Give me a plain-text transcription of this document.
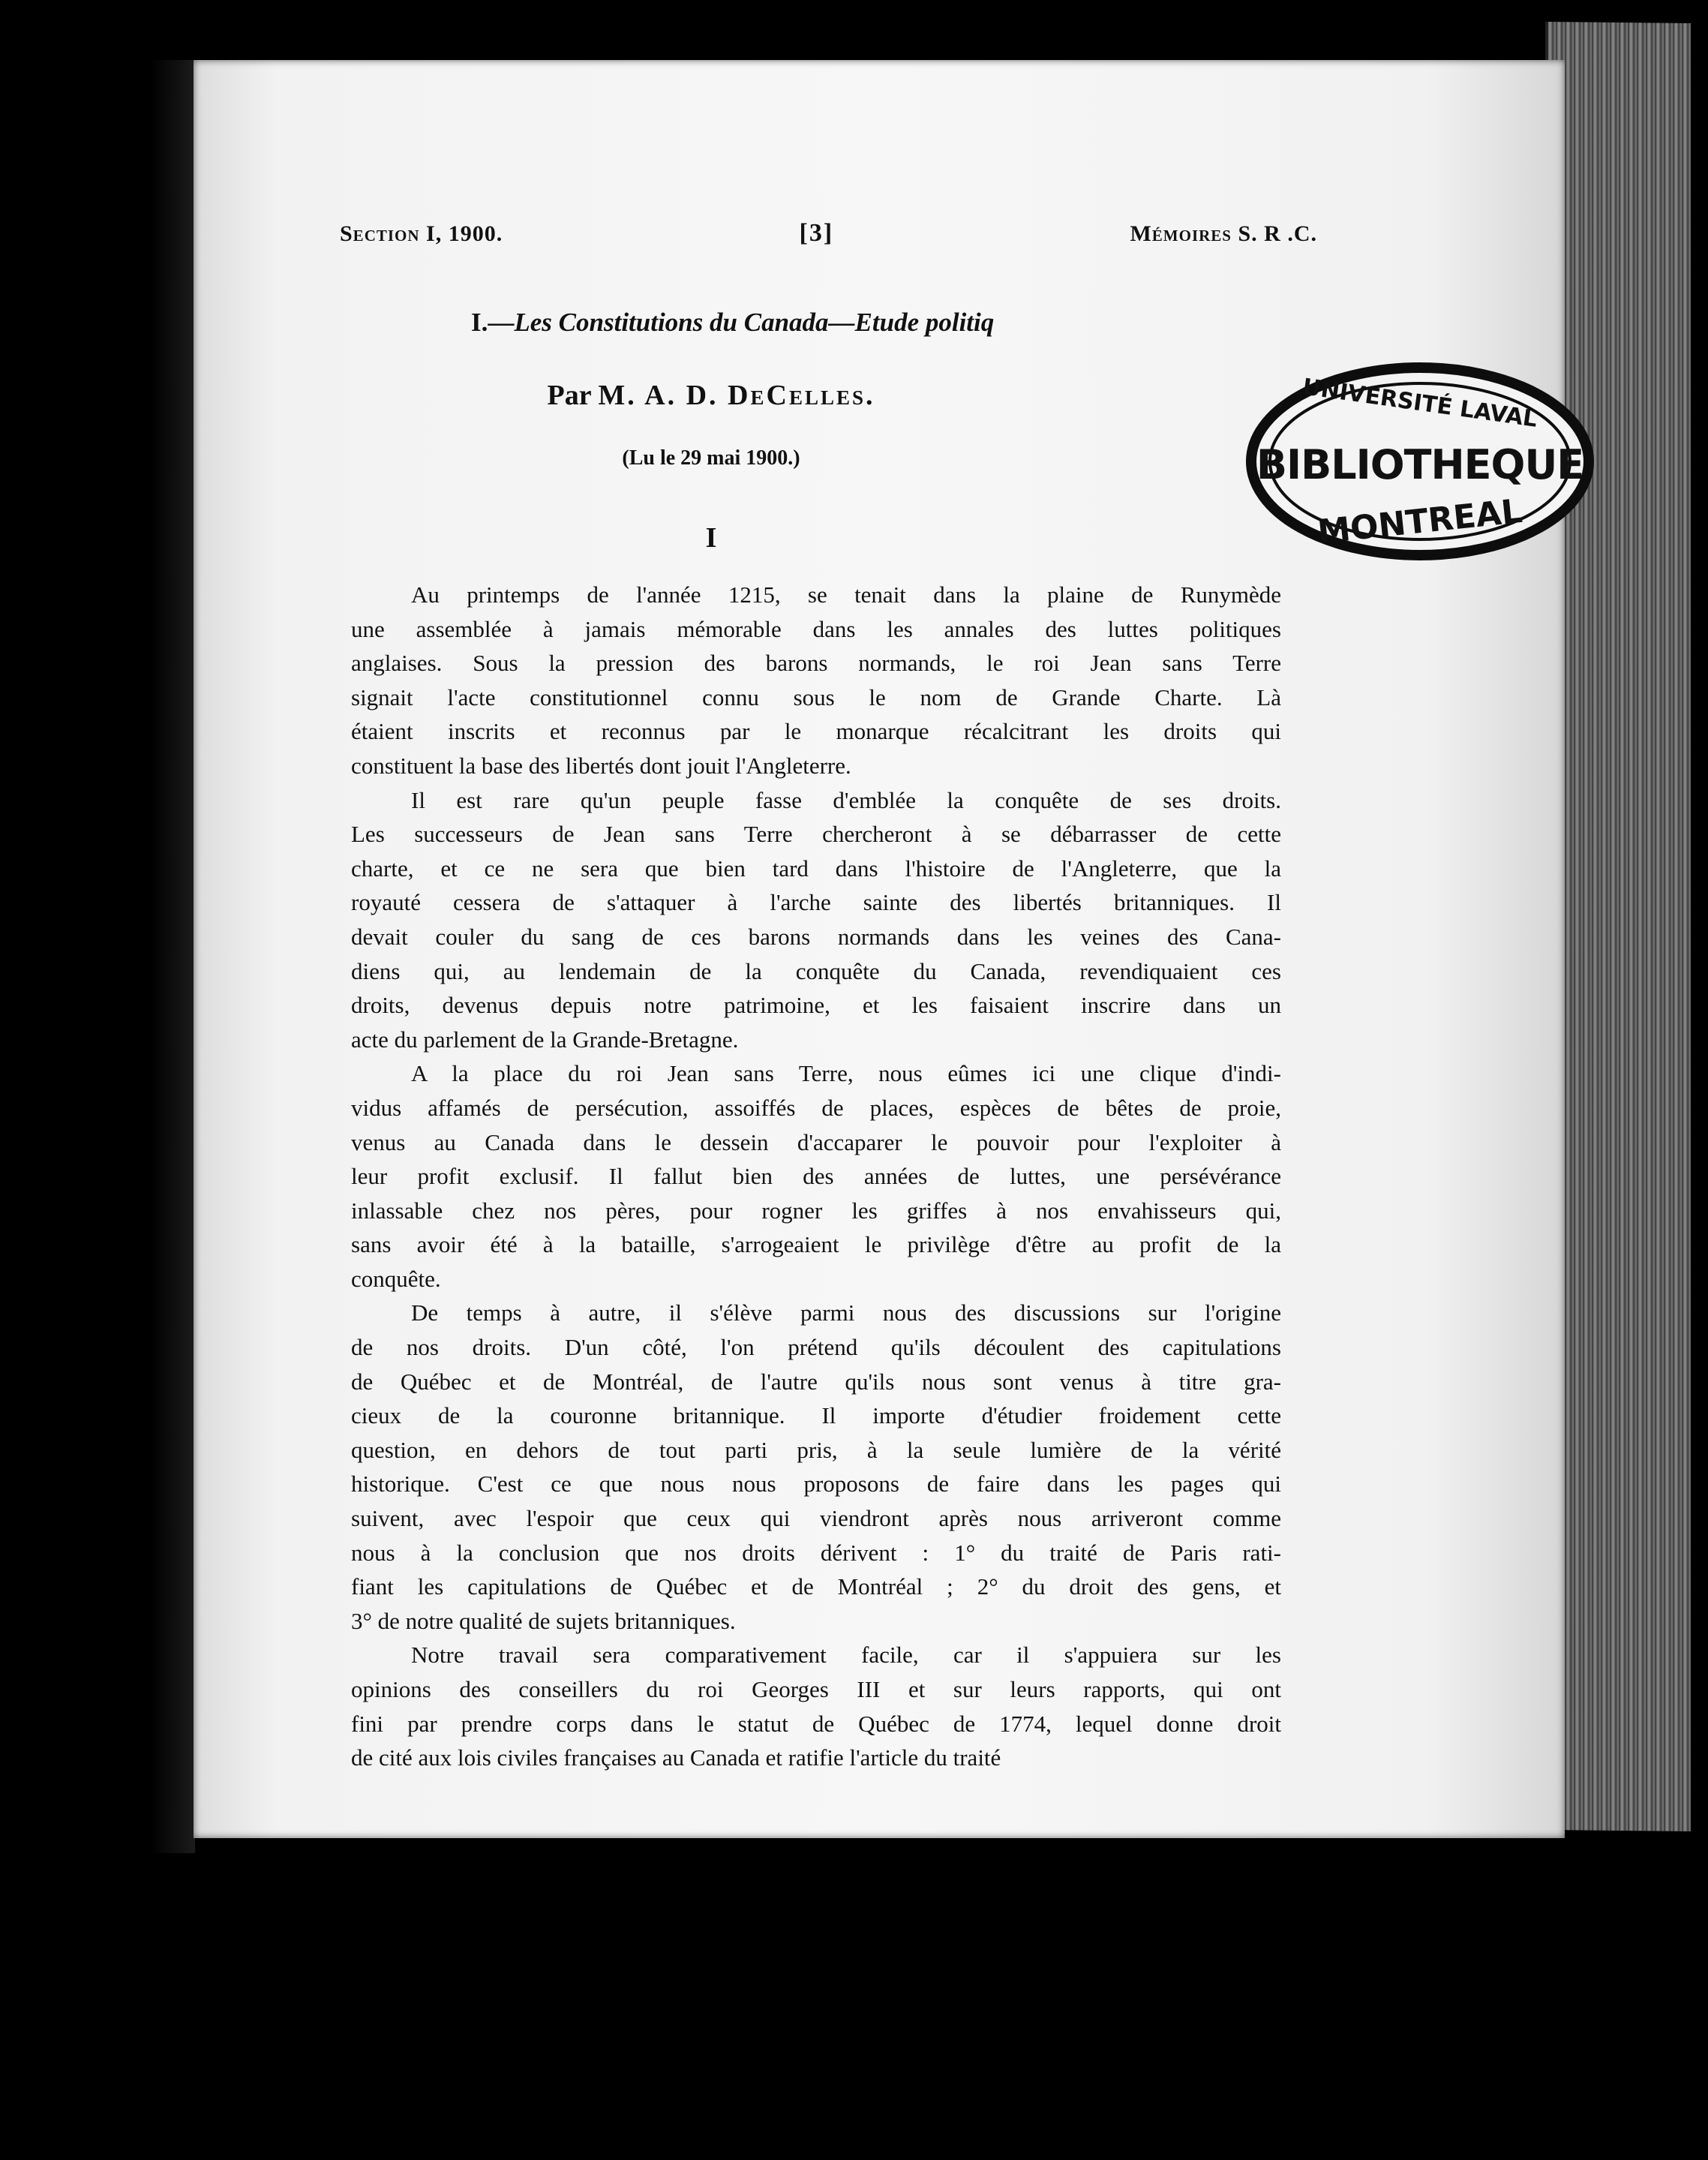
Section I, 1900.	[3]	Mémoires S. R .C.
I.—Les Constitutions du Canada—Etude politiq
Par M. A. D. DeCelles.
(Lu le 29 mai 1900.)
I
Au printemps de l'année 1215, se tenait dans la plaine de Runymède
une assemblée à jamais mémorable dans les annales des luttes politiques
anglaises. Sous la pression des barons normands, le roi Jean sans Terre
signait l'acte constitutionnel connu sous le nom de Grande Charte. Là
étaient inscrits et reconnus par le monarque récalcitrant les droits qui
constituent la base des libertés dont jouit l'Angleterre.
Il est rare qu'un peuple fasse d'emblée la conquête de ses droits.
Les successeurs de Jean sans Terre chercheront à se débarrasser de cette
charte, et ce ne sera que bien tard dans l'histoire de l'Angleterre, que la
royauté cessera de s'attaquer à l'arche sainte des libertés britanniques. Il
devait couler du sang de ces barons normands dans les veines des Cana-
diens qui, au lendemain de la conquête du Canada, revendiquaient ces
droits, devenus depuis notre patrimoine, et les faisaient inscrire dans un
acte du parlement de la Grande-Bretagne.
A la place du roi Jean sans Terre, nous eûmes ici une clique d'indi-
vidus affamés de persécution, assoiffés de places, espèces de bêtes de proie,
venus au Canada dans le dessein d'accaparer le pouvoir pour l'exploiter à
leur profit exclusif. Il fallut bien des années de luttes, une persévérance
inlassable chez nos pères, pour rogner les griffes à nos envahisseurs qui,
sans avoir été à la bataille, s'arrogeaient le privilège d'être au profit de la
conquête.
De temps à autre, il s'élève parmi nous des discussions sur l'origine
de nos droits. D'un côté, l'on prétend qu'ils découlent des capitulations
de Québec et de Montréal, de l'autre qu'ils nous sont venus à titre gra-
cieux de la couronne britannique. Il importe d'étudier froidement cette
question, en dehors de tout parti pris, à la seule lumière de la vérité
historique. C'est ce que nous nous proposons de faire dans les pages qui
suivent, avec l'espoir que ceux qui viendront après nous arriveront comme
nous à la conclusion que nos droits dérivent : 1° du traité de Paris rati-
fiant les capitulations de Québec et de Montréal ; 2° du droit des gens, et
3° de notre qualité de sujets britanniques.
Notre travail sera comparativement facile, car il s'appuiera sur les
opinions des conseillers du roi Georges III et sur leurs rapports, qui ont
fini par prendre corps dans le statut de Québec de 1774, lequel donne droit
de cité aux lois civiles françaises au Canada et ratifie l'article du traité
UNIVERSITÉ LAVAL
BIBLIOTHEQUE
MONTREAL
